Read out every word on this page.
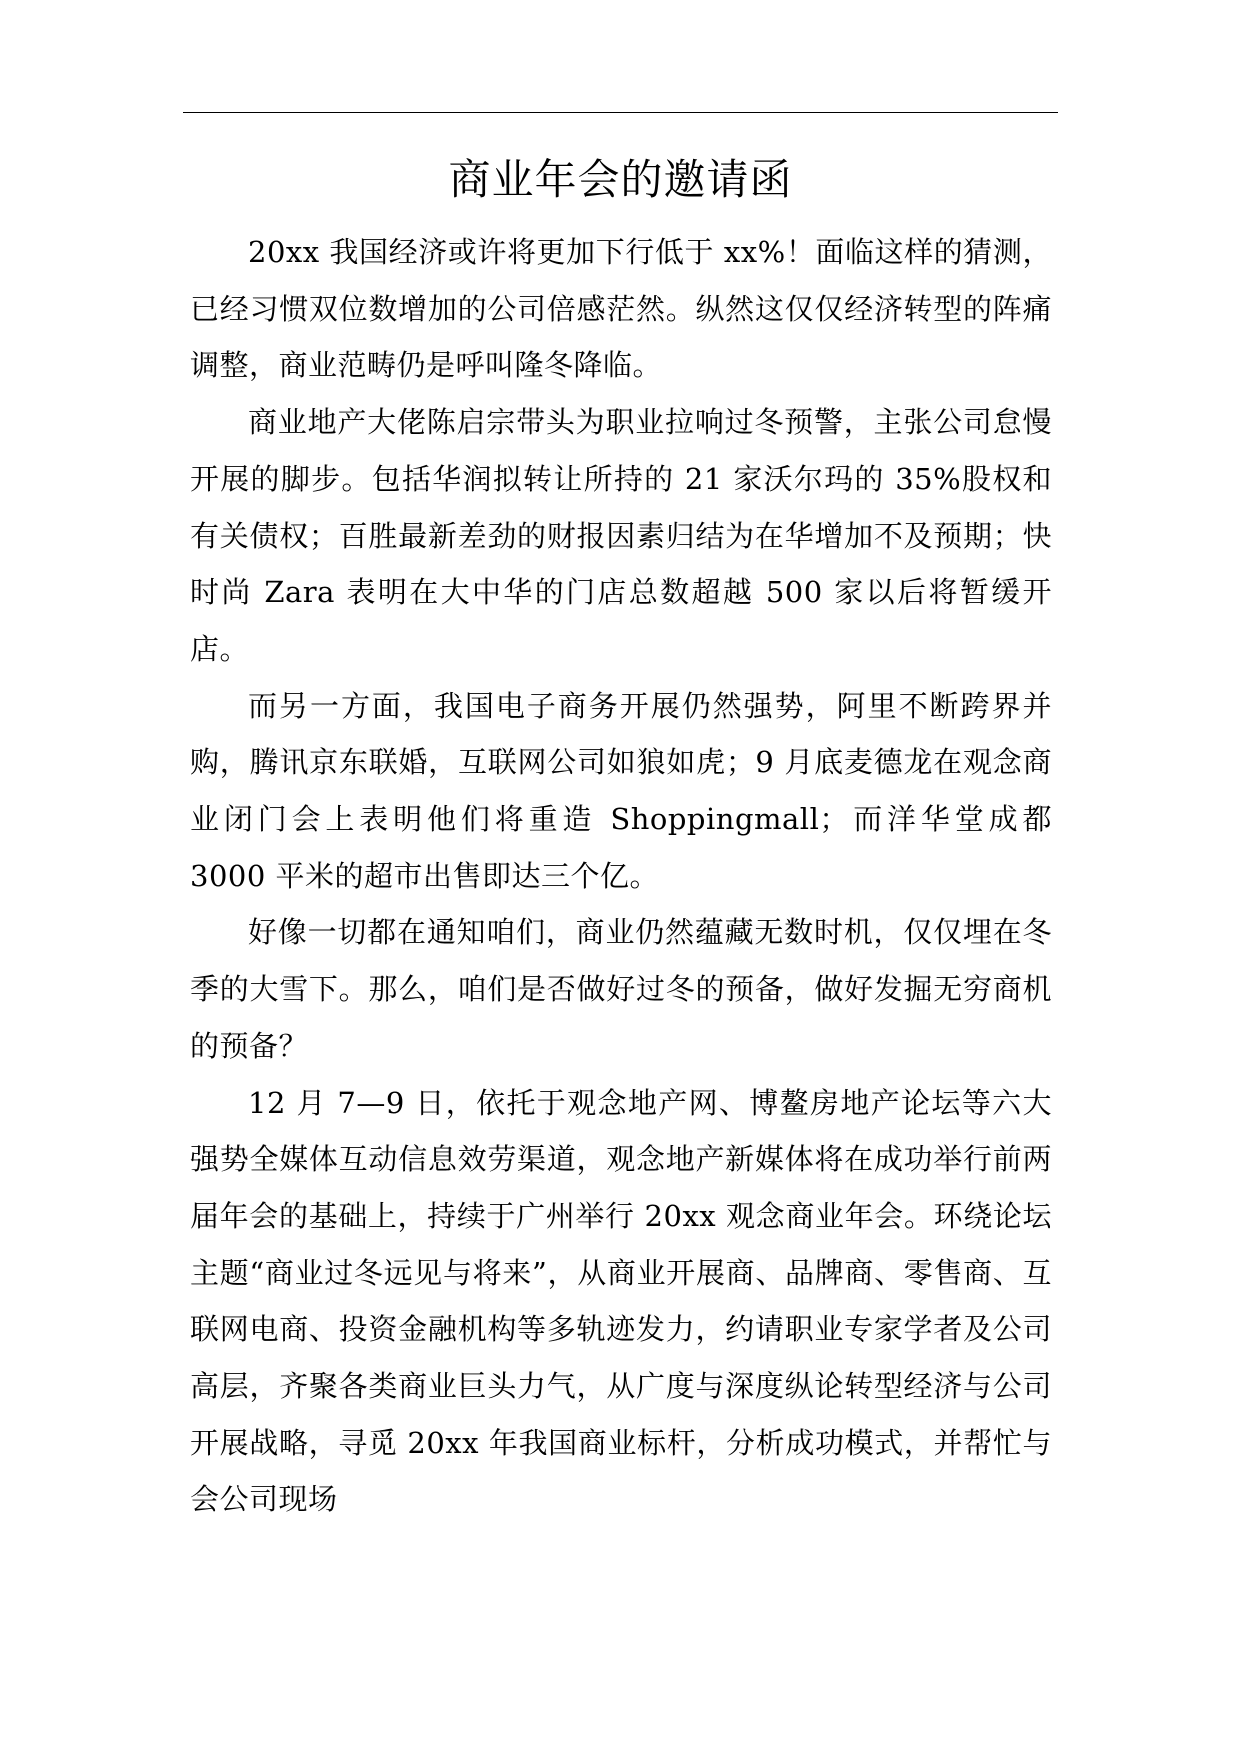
商业年会的邀请函

20xx 我国经济或许将更加下行低于 xx%！面临这样的猜测，已经习惯双位数增加的公司倍感茫然。纵然这仅仅经济转型的阵痛调整，商业范畴仍是呼叫隆冬降临。

商业地产大佬陈启宗带头为职业拉响过冬预警，主张公司怠慢开展的脚步。包括华润拟转让所持的 21 家沃尔玛的 35%股权和有关债权；百胜最新差劲的财报因素归结为在华增加不及预期；快时尚 Zara 表明在大中华的门店总数超越 500 家以后将暂缓开店。

而另一方面，我国电子商务开展仍然强势，阿里不断跨界并购，腾讯京东联婚，互联网公司如狼如虎；9 月底麦德龙在观念商业闭门会上表明他们将重造 Shoppingmall；而洋华堂成都 3000 平米的超市出售即达三个亿。

好像一切都在通知咱们，商业仍然蕴藏无数时机，仅仅埋在冬季的大雪下。那么，咱们是否做好过冬的预备，做好发掘无穷商机的预备？

12 月 7—9 日，依托于观念地产网、博鳌房地产论坛等六大强势全媒体互动信息效劳渠道，观念地产新媒体将在成功举行前两届年会的基础上，持续于广州举行 20xx 观念商业年会。环绕论坛主题“商业过冬远见与将来”，从商业开展商、品牌商、零售商、互联网电商、投资金融机构等多轨迹发力，约请职业专家学者及公司高层，齐聚各类商业巨头力气，从广度与深度纵论转型经济与公司开展战略，寻觅 20xx 年我国商业标杆，分析成功模式，并帮忙与会公司现场
